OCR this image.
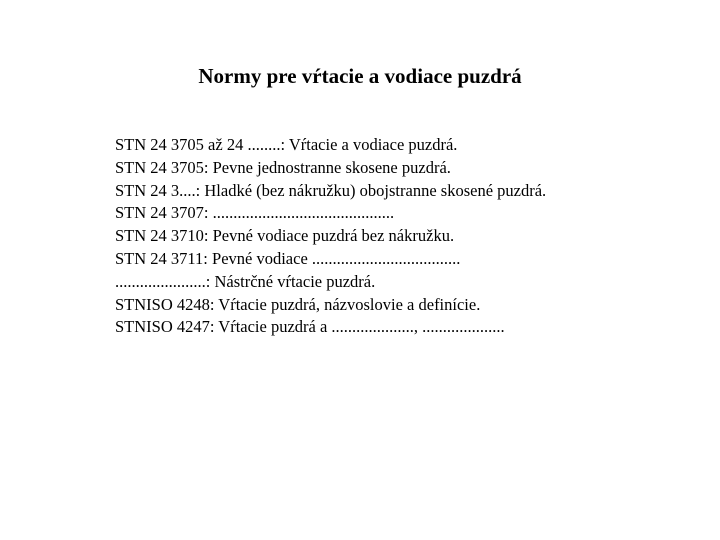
Normy pre vŕtacie a vodiace puzdrá
STN 24 3705 až 24 ........: Vŕtacie a vodiace puzdrá.
STN 24 3705: Pevne jednostranne skosene puzdrá.
STN 24 3....: Hladké (bez nákružku) obojstranne skosené puzdrá.
STN 24 3707: ............................................
STN 24 3710: Pevné vodiace puzdrá bez nákružku.
STN 24 3711: Pevné vodiace ....................................
......................: Nástrčné vŕtacie puzdrá.
STNISO 4248: Vŕtacie puzdrá, názvoslovie a definície.
STNISO 4247: Vŕtacie puzdrá a ...................., ....................
